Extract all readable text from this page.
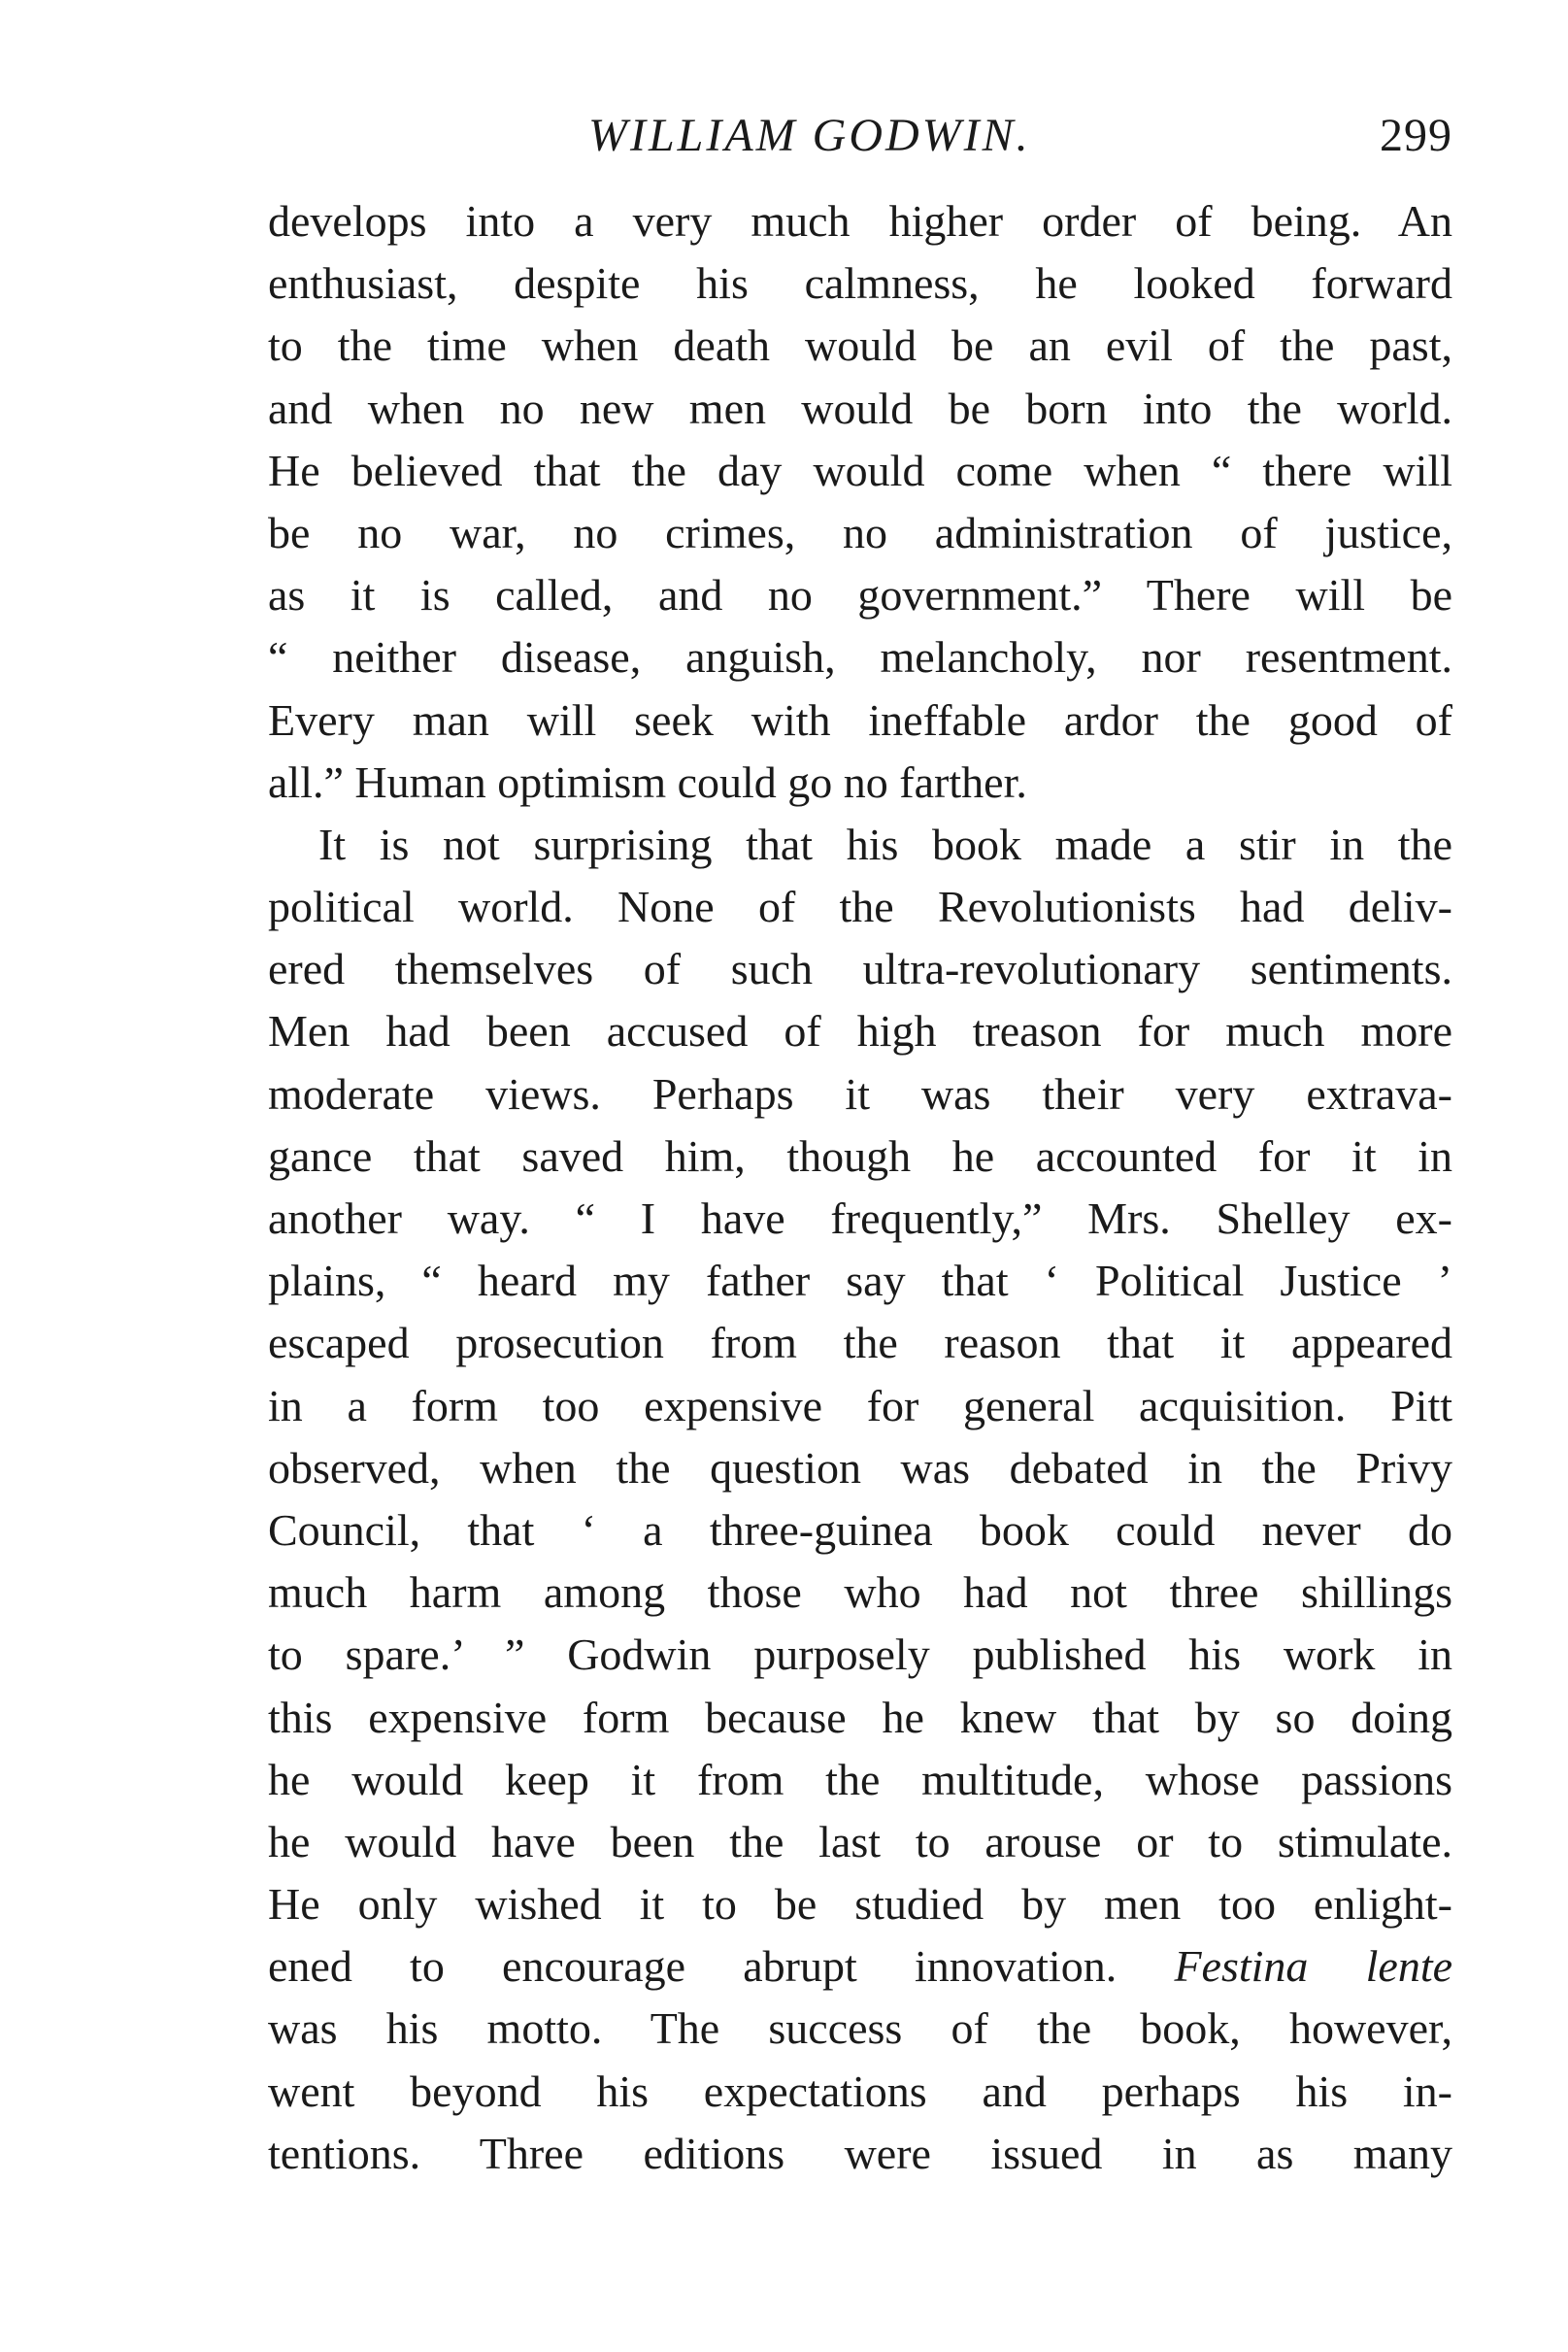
WILLIAM GODWIN.	299
develops into a very much higher order of being. An
enthusiast, despite his calmness, he looked forward
to the time when death would be an evil of the past,
and when no new men would be born into the world.
He believed that the day would come when “ there will
be no war, no crimes, no administration of justice,
as it is called, and no government.” There will be
“ neither disease, anguish, melancholy, nor resentment.
Every man will seek with ineffable ardor the good of
all.” Human optimism could go no farther.
It is not surprising that his book made a stir in the
political world. None of the Revolutionists had deliv-
ered themselves of such ultra-revolutionary sentiments.
Men had been accused of high treason for much more
moderate views. Perhaps it was their very extrava-
gance that saved him, though he accounted for it in
another way. “ I have frequently,” Mrs. Shelley ex-
plains, “ heard my father say that ‘ Political Justice ’
escaped prosecution from the reason that it appeared
in a form too expensive for general acquisition. Pitt
observed, when the question was debated in the Privy
Council, that ‘ a three-guinea book could never do
much harm among those who had not three shillings
to spare.’ ” Godwin purposely published his work in
this expensive form because he knew that by so doing
he would keep it from the multitude, whose passions
he would have been the last to arouse or to stimulate.
He only wished it to be studied by men too enlight-
ened to encourage abrupt innovation. Festina lente
was his motto. The success of the book, however,
went beyond his expectations and perhaps his in-
tentions. Three editions were issued in as many
